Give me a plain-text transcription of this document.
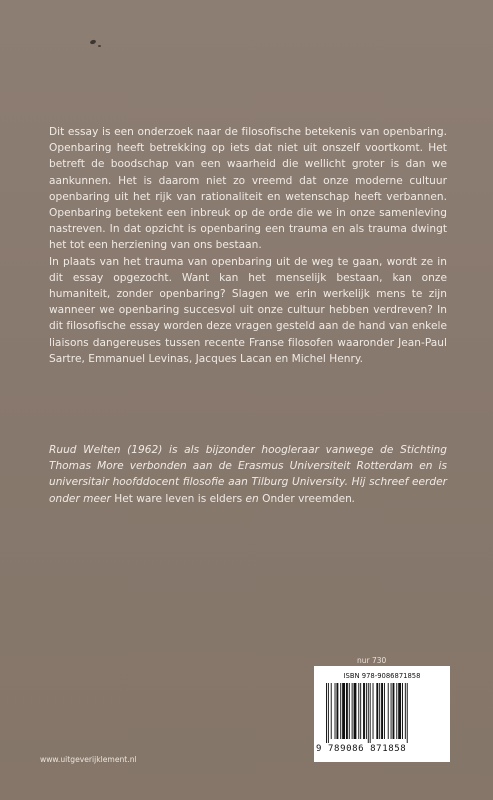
Dit essay is een onderzoek naar de filosofische betekenis van openbaring. Openbaring heeft betrekking op iets dat niet uit onszelf voortkomt. Het betreft de boodschap van een waarheid die wellicht groter is dan we aankunnen. Het is daarom niet zo vreemd dat onze moderne cultuur openbaring uit het rijk van rationaliteit en wetenschap heeft verbannen. Openbaring betekent een inbreuk op de orde die we in onze samenleving nastreven. In dat opzicht is openbaring een trauma en als trauma dwingt het tot een herziening van ons bestaan.

In plaats van het trauma van openbaring uit de weg te gaan, wordt ze in dit essay opgezocht. Want kan het menselijk bestaan, kan onze humaniteit, zonder openbaring? Slagen we erin werkelijk mens te zijn wanneer we openbaring succesvol uit onze cultuur hebben verdreven? In dit filosofische essay worden deze vragen gesteld aan de hand van enkele liaisons dangereuses tussen recente Franse filosofen waaronder Jean-Paul Sartre, Emmanuel Levinas, Jacques Lacan en Michel Henry.

Ruud Welten (1962) is als bijzonder hoogleraar vanwege de Stichting Thomas More verbonden aan de Erasmus Universiteit Rotterdam en is universitair hoofddocent filosofie aan Tilburg University. Hij schreef eerder onder meer Het ware leven is elders en Onder vreemden.

nur 730
ISBN 978-9086871858
9 789086 871858
www.uitgeverijklement.nl
